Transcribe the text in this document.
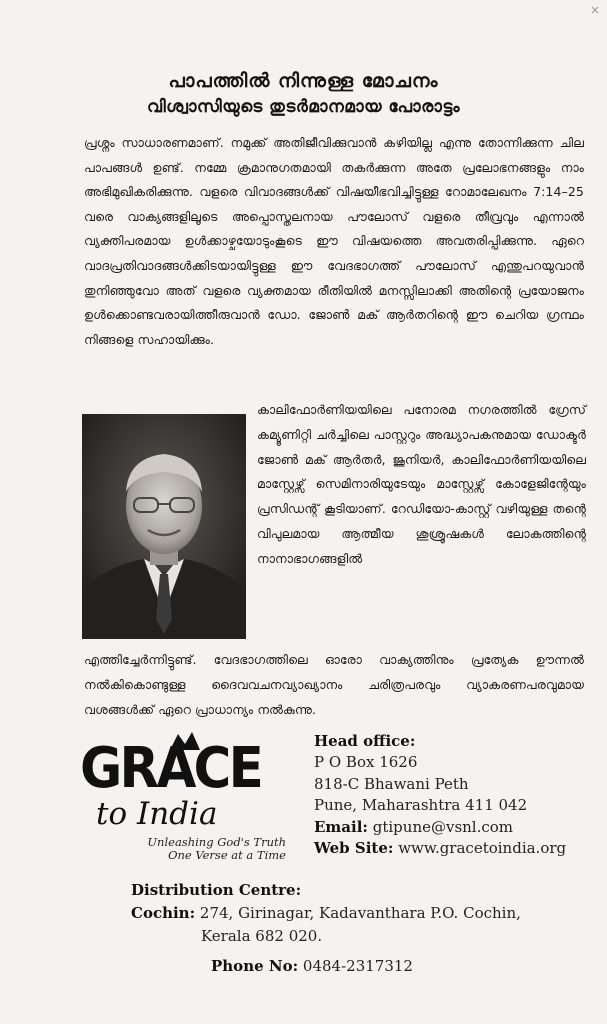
പാപത്തിൽ നിന്നുള്ള മോചനം
വിശ്വാസിയുടെ തുടർമാനമായ പോരാട്ടം

പ്രശ്നം സാധാരണമാണ്. നമുക്ക് അതിജീവിക്കുവാൻ കഴിയില്ല എന്നു തോന്നിക്കുന്ന ചില പാപങ്ങൾ ഉണ്ട്. നമ്മേ ക്രമാനുഗതമായി തകർക്കുന്ന അതേ പ്രലോഭനങ്ങളും നാം അഭിമുഖികരിക്കുന്നു. വളരെ വിവാദങ്ങൾക്ക് വിഷയീഭവിച്ചിട്ടുള്ള റോമാലേഖനം 7:14–25 വരെ വാക്യങ്ങളിലൂടെ അപ്പൊസ്തലനായ പൗലോസ് വളരെ തീവ്രവും എന്നാൽ വ്യക്തിപരമായ ഉൾക്കാഴ്ചയോടുംകൂടെ ഈ വിഷയത്തെ അവതരിപ്പിക്കുന്നു. ഏറെ വാദപ്രതിവാദങ്ങൾക്കിടയായിട്ടുള്ള ഈ വേദഭാഗത്ത് പൗലോസ് എന്തുപറയുവാൻ തുനിഞ്ഞുവോ അത് വളരെ വ്യക്തമായ രീതിയിൽ മനസ്സിലാക്കി അതിന്റെ പ്രയോജനം ഉൾക്കൊണ്ടവരായിത്തീരുവാൻ ഡോ. ജോൺ മക് ആർതറിന്റെ ഈ ചെറിയ ഗ്രന്ഥം നിങ്ങളെ സഹായിക്കും.

കാലിഫോർണിയയിലെ പനോരമ നഗരത്തിൽ ഗ്രേസ് കമ്യൂണിറ്റി ചർച്ചിലെ പാസ്റ്ററും അദ്ധ്യാപകനുമായ ഡോക്ടർ ജോൺ മക് ആർതർ, ജൂനിയർ, കാലിഫോർണിയയിലെ മാസ്റ്റേഴ്സ് സെമിനാരിയുടേയും മാസ്റ്റേഴ്സ് കോളേജിന്റേയും പ്രസിഡന്റ് കൂടിയാണ്. റേഡിയോ-കാസ്റ്റ് വഴിയുള്ള തന്റെ വിപുലമായ ആത്മീയ ശുശ്രൂഷകൾ ലോകത്തിന്റെ നാനാഭാഗങ്ങളിൽ

എത്തിച്ചേർന്നിട്ടുണ്ട്. വേദഭാഗത്തിലെ ഓരോ വാക്യത്തിനും പ്രത്യേക ഊന്നൽ നൽകികൊണ്ടുള്ള ദൈവവചനവ്യാഖ്യാനം ചരിത്രപരവും വ്യാകരണപരവുമായ വശങ്ങൾക്ക് ഏറെ പ്രാധാന്യം നൽകുന്നു.

GRACE
to India
Unleashing God's Truth
One Verse at a Time
Head office:
P O Box 1626
818-C Bhawani Peth
Pune, Maharashtra 411 042
Email: gtipune@vsnl.com
Web Site: www.gracetoindia.org
Distribution Centre:
Cochin: 274, Girinagar, Kadavanthara P.O. Cochin,
Kerala 682 020.
Phone No: 0484-2317312
